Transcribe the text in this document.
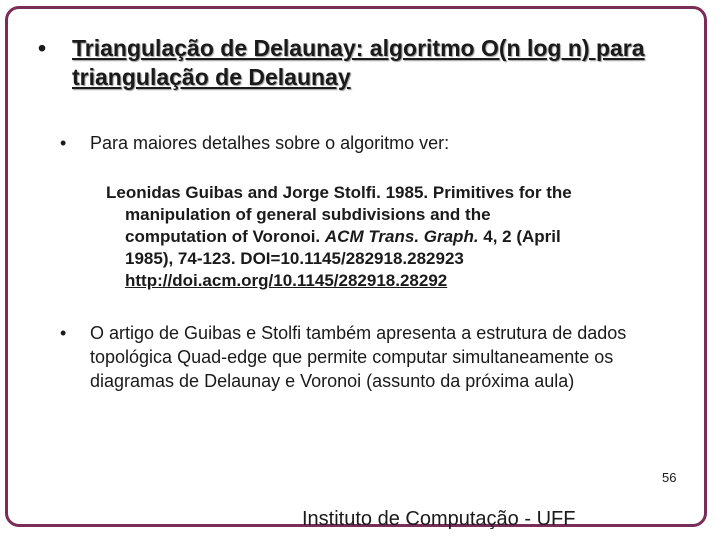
• Triangulação de Delaunay: algoritmo O(n log n) para triangulação de Delaunay
• Para maiores detalhes sobre o algoritmo ver:
Leonidas Guibas and Jorge Stolfi. 1985. Primitives for the
manipulation of general subdivisions and the
computation of Voronoi. ACM Trans. Graph. 4, 2 (April
1985), 74-123. DOI=10.1145/282918.282923
http://doi.acm.org/10.1145/282918.28292
• O artigo de Guibas e Stolfi também apresenta a estrutura de dados topológica Quad-edge que permite computar simultaneamente os diagramas de Delaunay e Voronoi (assunto da próxima aula)
56
Instituto de Computação - UFF
